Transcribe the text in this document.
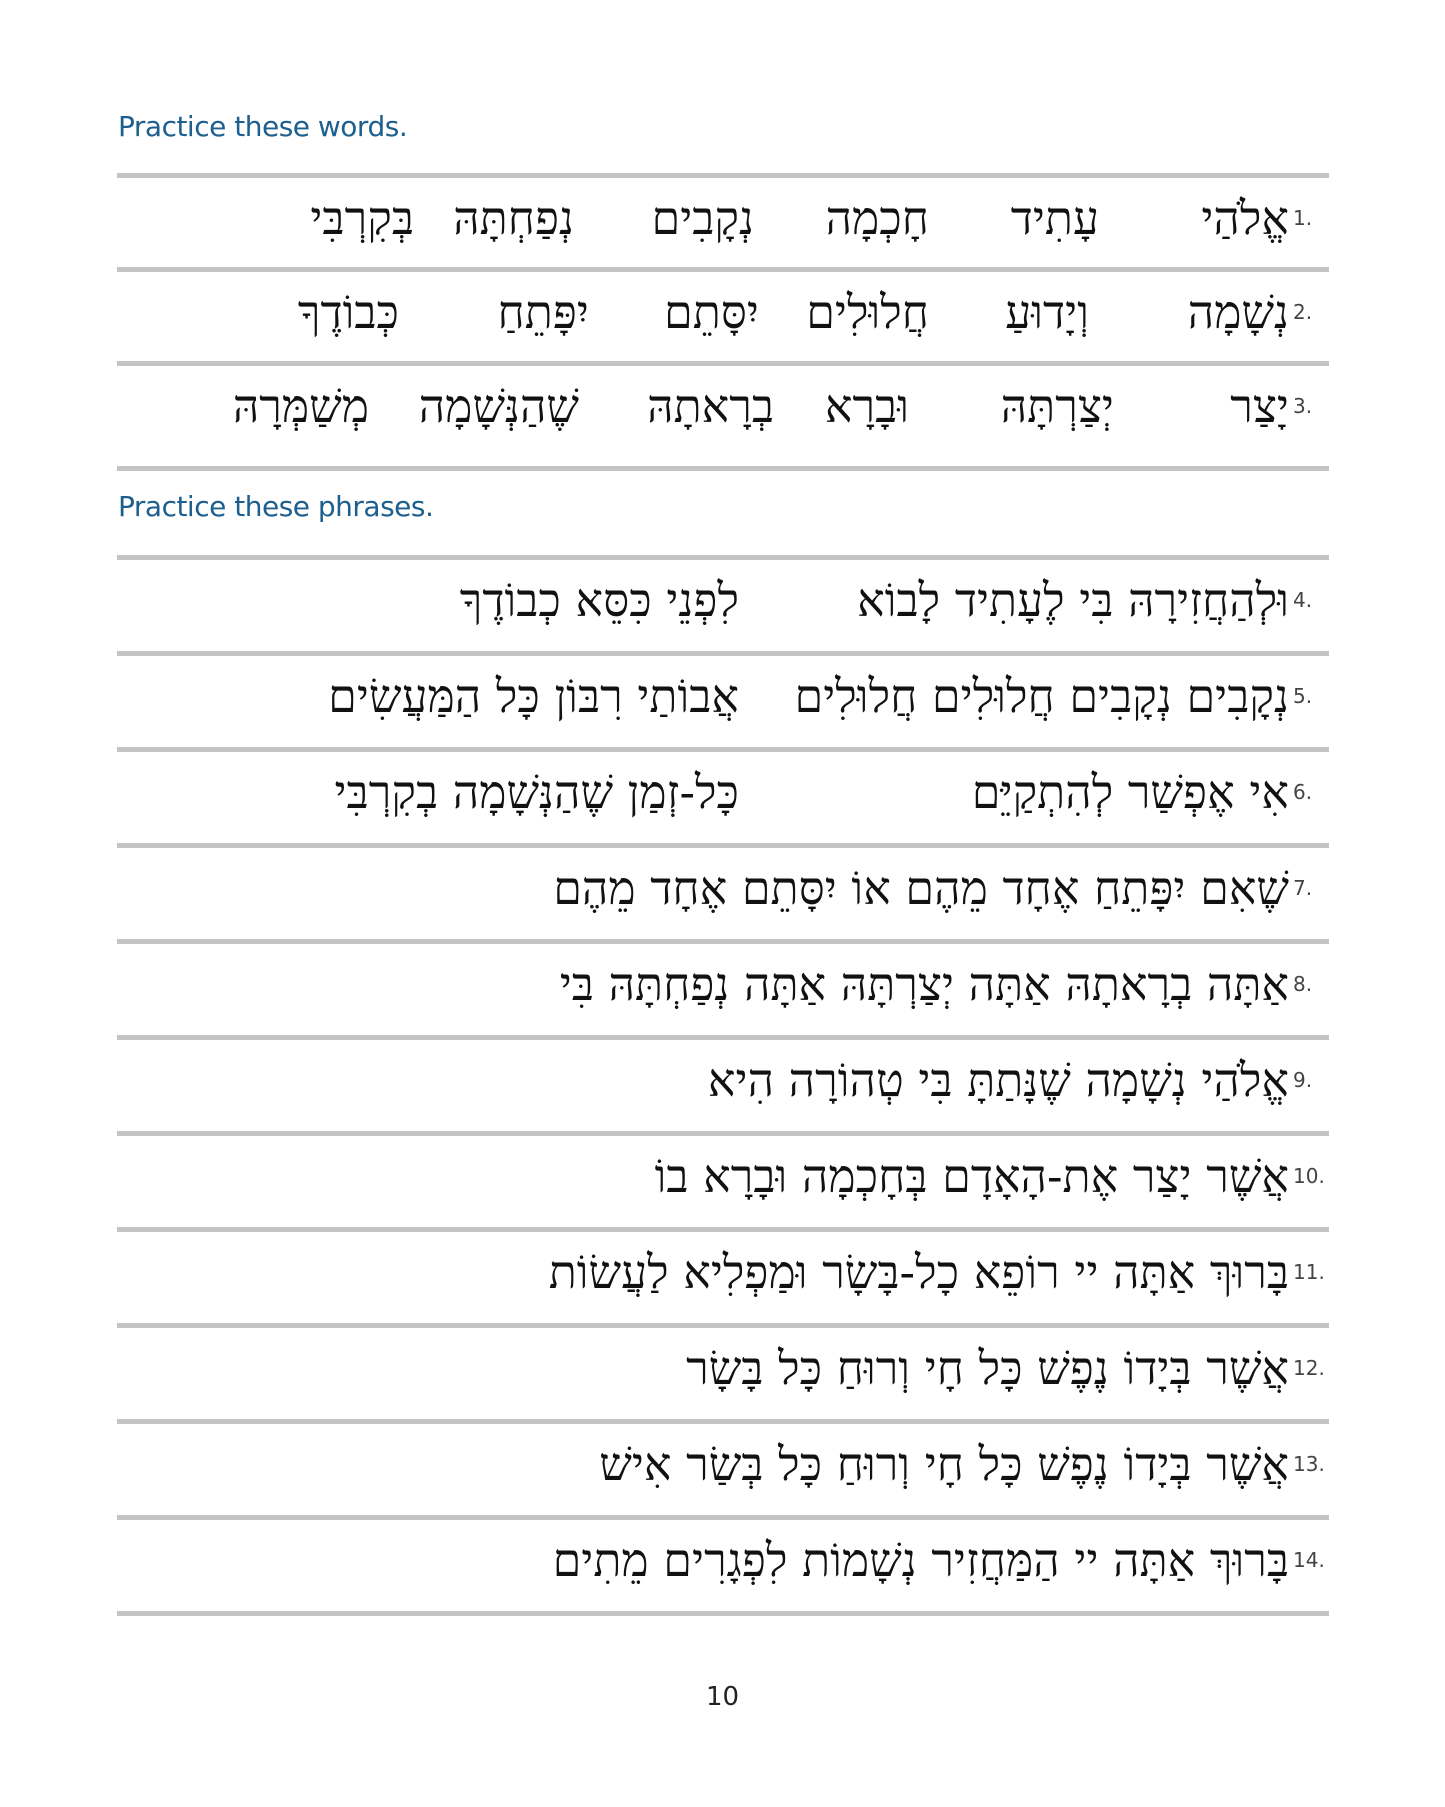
Practice these words.
1.
אֱלֹהַי
עָתִיד
חָכְמָה
נְקָבִים
נְפַחְתָּהּ
בְּקִרְבִּי
2.
נְשָׁמָה
וְיָדוּעַ
חֲלוּלִים
יִסָּתֵם
יִפָּתֵחַ
כְּבוֹדֶךָ
3.
יָצַר
יְצַרְתָּהּ
וּבָרָא
בְרָאתָהּ
שֶׁהַנְּשָׁמָה
מְשַׁמְּרָהּ
Practice these phrases.
4.
וּלְהַחֲזִירָהּ בִּי לֶעָתִיד לָבוֹא
לִפְנֵי כִּסֵּא כְבוֹדֶךָ
5.
נְקָבִים נְקָבִים חֲלוּלִים חֲלוּלִים
אֲבוֹתַי רִבּוֹן כָּל הַמַּעֲשִׂים
6.
אִי אֶפְשַׁר לְהִתְקַיֵּם
כָּל-זְמַן שֶׁהַנְּשָׁמָה בְקִרְבִּי
7.
שֶׁאִם יִפָּתֵחַ אֶחָד מֵהֶם אוֹ יִסָּתֵם אֶחָד מֵהֶם
8.
אַתָּה בְרָאתָהּ אַתָּה יְצַרְתָּהּ אַתָּה נְפַחְתָּהּ בִּי
9.
אֱלֹהַי נְשָׁמָה שֶׁנָּתַתָּ בִּי טְהוֹרָה הִיא
10.
אֲשֶׁר יָצַר אֶת-הָאָדָם בְּחָכְמָה וּבָרָא בוֹ
11.
בָּרוּךְ אַתָּה יי רוֹפֵא כָל-בָּשָׂר וּמַפְלִיא לַעֲשׂוֹת
12.
אֲשֶׁר בְּיָדוֹ נֶפֶשׁ כָּל חָי וְרוּחַ כָּל בָּשָׂר
13.
אֲשֶׁר בְּיָדוֹ נֶפֶשׁ כָּל חָי וְרוּחַ כָּל בְּשַׂר אִישׁ
14.
בָּרוּךְ אַתָּה יי הַמַּחֲזִיר נְשָׁמוֹת לִפְגָרִים מֵתִים
10
